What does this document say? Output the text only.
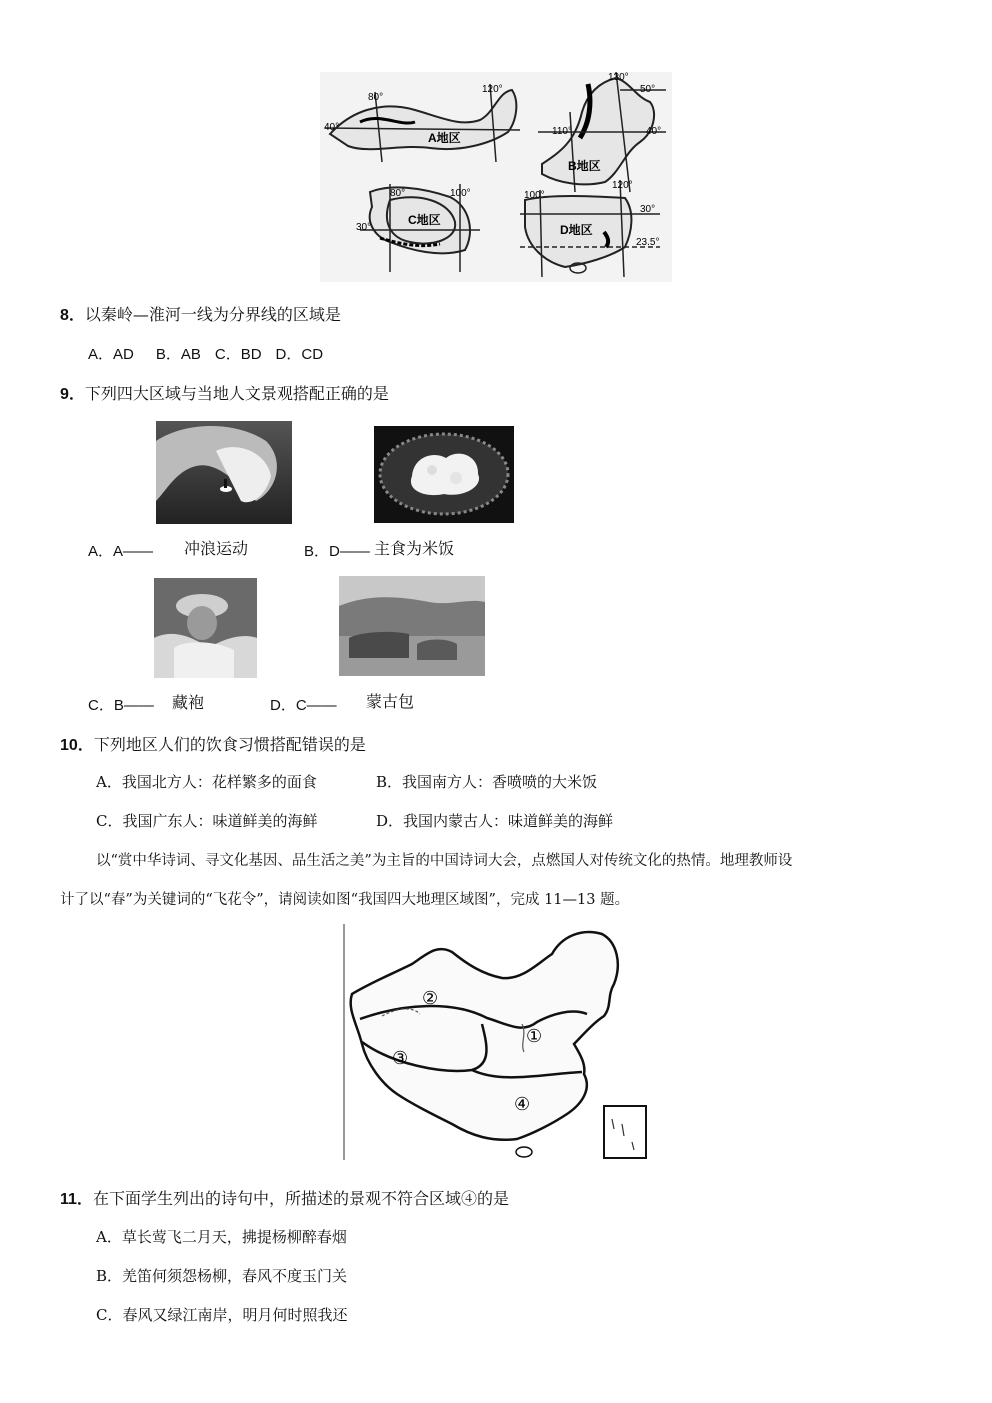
80°
120°
40°
A地区
130°
110°
50°
40°
B地区
80°	100°
30°
C地区
100°
120°
30°
23.5°
D地区
8．以秦岭—淮河一线为分界线的区域是
A．AD B．AB C．BD D．CD
9．下列四大区域与当地人文景观搭配正确的是
A．A—— 冲浪运动	B．D—— 主食为米饭
C．B—— 藏袍	D．C—— 蒙古包
10．下列地区人们的饮食习惯搭配错误的是
A．我国北方人：花样繁多的面食	B．我国南方人：香喷喷的大米饭
C．我国广东人：味道鲜美的海鲜	D．我国内蒙古人：味道鲜美的海鲜
以“赏中华诗词、寻文化基因、品生活之美”为主旨的中国诗词大会，点燃国人对传统文化的热情。地理教师设
计了以“春”为关键词的“飞花令”，请阅读如图“我国四大地理区域图”，完成 11—13 题。
①
②
③
④
11．在下面学生列出的诗句中，所描述的景观不符合区域④的是
A．草长莺飞二月天，拂提杨柳醉春烟
B．羌笛何须怨杨柳，春风不度玉门关
C．春风又绿江南岸，明月何时照我还
